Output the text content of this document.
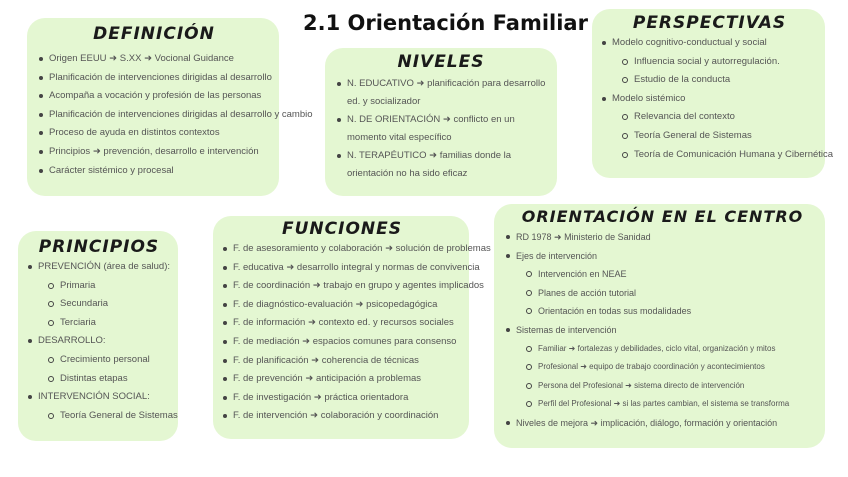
2.1 Orientación Familiar
DEFINICIÓN
Origen EEUU ➜ S.XX ➜ Vocional Guidance
Planificación de intervenciones dirigidas al desarrollo
Acompaña a vocación y profesión de las personas
Planificación de intervenciones dirigidas al desarrollo y cambio
Proceso de ayuda en distintos contextos
Principios ➜ prevención, desarrollo e intervención
Carácter sistémico y procesal
NIVELES
N. EDUCATIVO ➜ planificación para desarrollo ed. y socializador
N. DE ORIENTACIÓN ➜ conflicto en un momento vital específico
N. TERAPÉUTICO ➜ familias donde la orientación no ha sido eficaz
PERSPECTIVAS
Modelo cognitivo-conductual y social
Influencia social y autorregulación.
Estudio de la conducta
Modelo sistémico
Relevancia del contexto
Teoría General de Sistemas
Teoría de Comunicación Humana y Cibernética
PRINCIPIOS
PREVENCIÓN (área de salud):
Primaria
Secundaria
Terciaria
DESARROLLO:
Crecimiento personal
Distintas etapas
INTERVENCIÓN SOCIAL:
Teoría General de Sistemas
FUNCIONES
F. de asesoramiento y colaboración ➜ solución de problemas
F. educativa ➜ desarrollo integral y normas de convivencia
F. de coordinación ➜ trabajo en grupo y agentes implicados
F. de diagnóstico-evaluación ➜ psicopedagógica
F. de información ➜ contexto ed. y recursos sociales
F. de mediación ➜ espacios comunes para consenso
F. de planificación ➜ coherencia de técnicas
F. de prevención ➜ anticipación a problemas
F. de investigación ➜ práctica orientadora
F. de intervención ➜ colaboración y coordinación
ORIENTACIÓN EN EL CENTRO
RD 1978 ➜ Ministerio de Sanidad
Ejes de intervención
Intervención en NEAE
Planes de acción tutorial
Orientación en todas sus modalidades
Sistemas de intervención
Familiar ➜ fortalezas y debilidades, ciclo vital, organización y mitos
Profesional ➜ equipo de trabajo coordinación y acontecimientos
Persona del Profesional ➜ sistema directo de intervención
Perfil del Profesional ➜ si las partes cambian, el sistema se transforma
Niveles de mejora ➜ implicación, diálogo, formación y orientación
